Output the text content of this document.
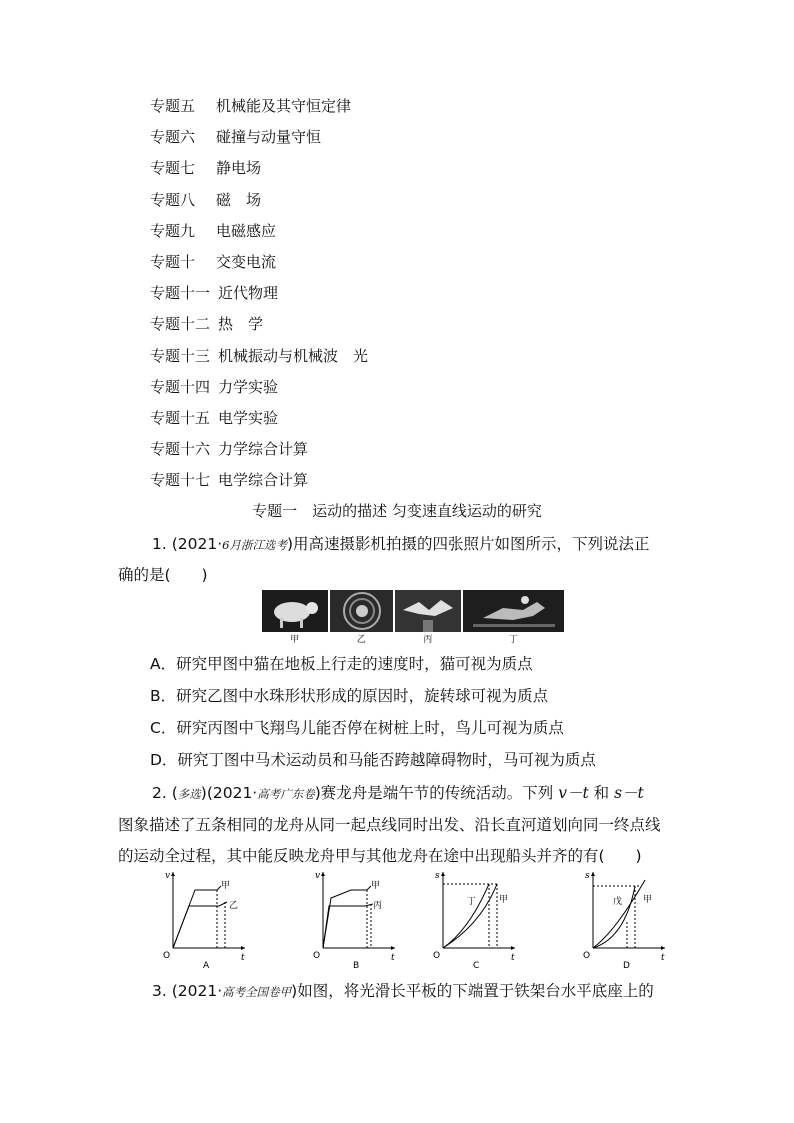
专题五 机械能及其守恒定律
专题六 碰撞与动量守恒
专题七 静电场
专题八 磁　场
专题九 电磁感应
专题十 交变电流
专题十一 近代物理
专题十二 热　学
专题十三 机械振动与机械波　光
专题十四 力学实验
专题十五 电学实验
专题十六 力学综合计算
专题十七 电学综合计算
专题一　运动的描述 匀变速直线运动的研究
1. (2021·6月浙江选考)用高速摄影机拍摄的四张照片如图所示，下列说法正
确的是(　　)
甲	乙	丙	丁
A．研究甲图中猫在地板上行走的速度时，猫可视为质点
B．研究乙图中水珠形状形成的原因时，旋转球可视为质点
C．研究丙图中飞翔鸟儿能否停在树桩上时，鸟儿可视为质点
D．研究丁图中马术运动员和马能否跨越障碍物时，马可视为质点
2. (多选)(2021·高考广东卷)赛龙舟是端午节的传统活动。下列 v－t 和 s－t
图象描述了五条相同的龙舟从同一起点线同时出发、沿长直河道划向同一终点线
的运动全过程，其中能反映龙舟甲与其他龙舟在途中出现船头并齐的有(　　)
v
t
O
甲
乙
A
v
t
O
甲
丙
B
s
t
O
丁	甲
C
s
t
O
戊 甲
D
3. (2021·高考全国卷甲)如图，将光滑长平板的下端置于铁架台水平底座上的
